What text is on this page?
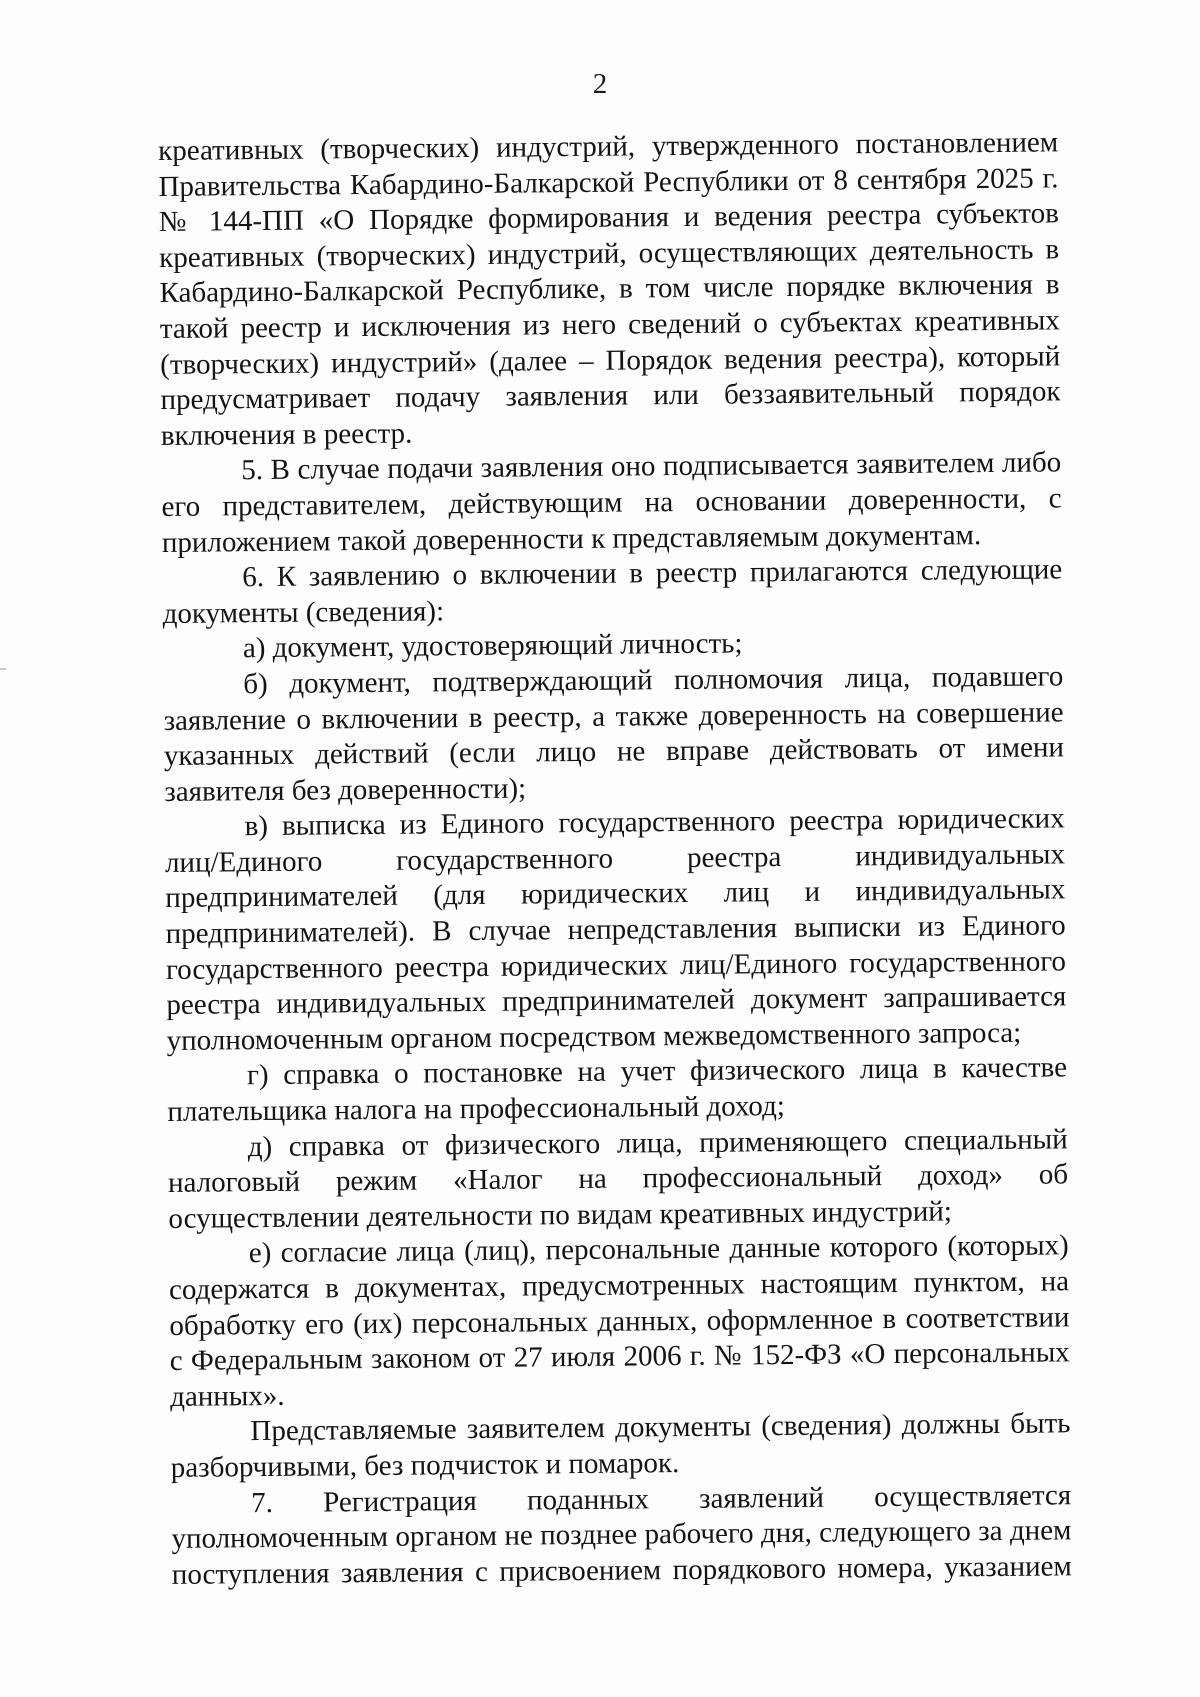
2

креативных (творческих) индустрий, утвержденного постановлением Правительства Кабардино-Балкарской Республики от 8 сентября 2025 г. № 144-ПП «О Порядке формирования и ведения реестра субъектов креативных (творческих) индустрий, осуществляющих деятельность в Кабардино-Балкарской Республике, в том числе порядке включения в такой реестр и исключения из него сведений о субъектах креативных (творческих) индустрий» (далее – Порядок ведения реестра), который предусматривает подачу заявления или беззаявительный порядок включения в реестр.

5. В случае подачи заявления оно подписывается заявителем либо его представителем, действующим на основании доверенности, с приложением такой доверенности к представляемым документам.

6. К заявлению о включении в реестр прилагаются следующие документы (сведения):

а) документ, удостоверяющий личность;

б) документ, подтверждающий полномочия лица, подавшего заявление о включении в реестр, а также доверенность на совершение указанных действий (если лицо не вправе действовать от имени заявителя без доверенности);

в) выписка из Единого государственного реестра юридических лиц/Единого государственного реестра индивидуальных предпринимателей (для юридических лиц и индивидуальных предпринимателей). В случае непредставления выписки из Единого государственного реестра юридических лиц/Единого государственного реестра индивидуальных предпринимателей документ запрашивается уполномоченным органом посредством межведомственного запроса;

г) справка о постановке на учет физического лица в качестве плательщика налога на профессиональный доход;

д) справка от физического лица, применяющего специальный налоговый режим «Налог на профессиональный доход» об осуществлении деятельности по видам креативных индустрий;

е) согласие лица (лиц), персональные данные которого (которых) содержатся в документах, предусмотренных настоящим пунктом, на обработку его (их) персональных данных, оформленное в соответствии с Федеральным законом от 27 июля 2006 г. № 152-ФЗ «О персональных данных».

Представляемые заявителем документы (сведения) должны быть разборчивыми, без подчисток и помарок.

7. Регистрация поданных заявлений осуществляется уполномоченным органом не позднее рабочего дня, следующего за днем поступления заявления с присвоением порядкового номера, указанием
